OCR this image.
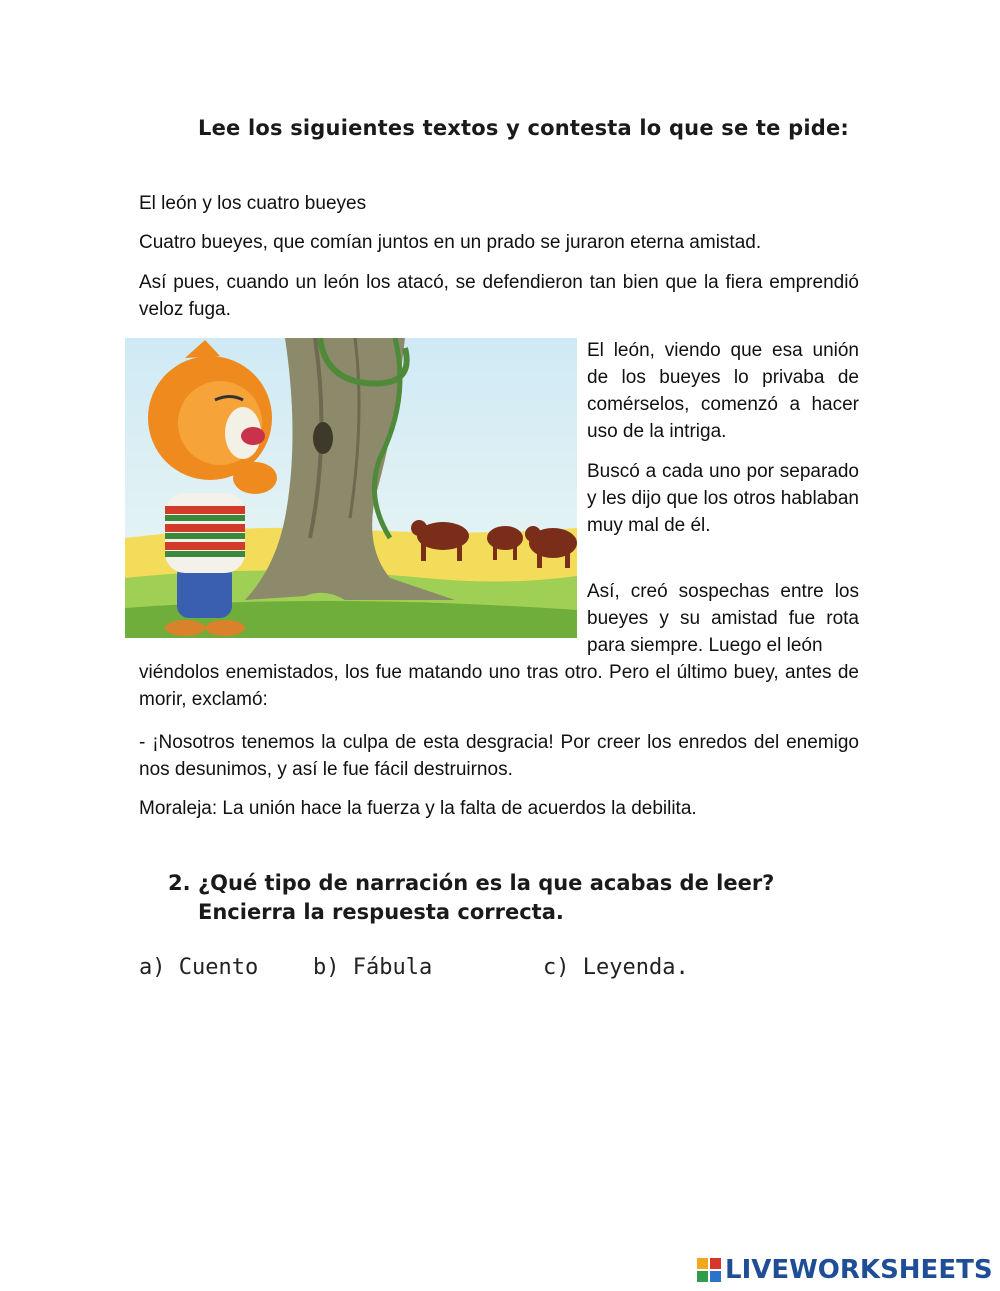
Lee los siguientes textos y contesta lo que se te pide:
El león y los cuatro bueyes
Cuatro bueyes, que comían juntos en un prado se juraron eterna amistad.
Así pues, cuando un león los atacó, se defendieron tan bien que la fiera emprendió veloz fuga.
El león, viendo que esa unión de los bueyes lo privaba de comérselos, comenzó a hacer uso de la intriga.
Buscó a cada uno por separado y les dijo que los otros hablaban muy mal de él.
Así, creó sospechas entre los bueyes y su amistad fue rota para siempre. Luego el león
viéndolos enemistados, los fue matando uno tras otro. Pero el último buey, antes de morir, exclamó:
- ¡Nosotros tenemos la culpa de esta desgracia! Por creer los enredos del enemigo nos desunimos, y así le fue fácil destruirnos.
Moraleja: La unión hace la fuerza y la falta de acuerdos la debilita.
2. ¿Qué tipo de narración es la que acabas de leer?
Encierra la respuesta correcta.
a) Cuento b) Fábula	c) Leyenda.
LIVEWORKSHEETS
